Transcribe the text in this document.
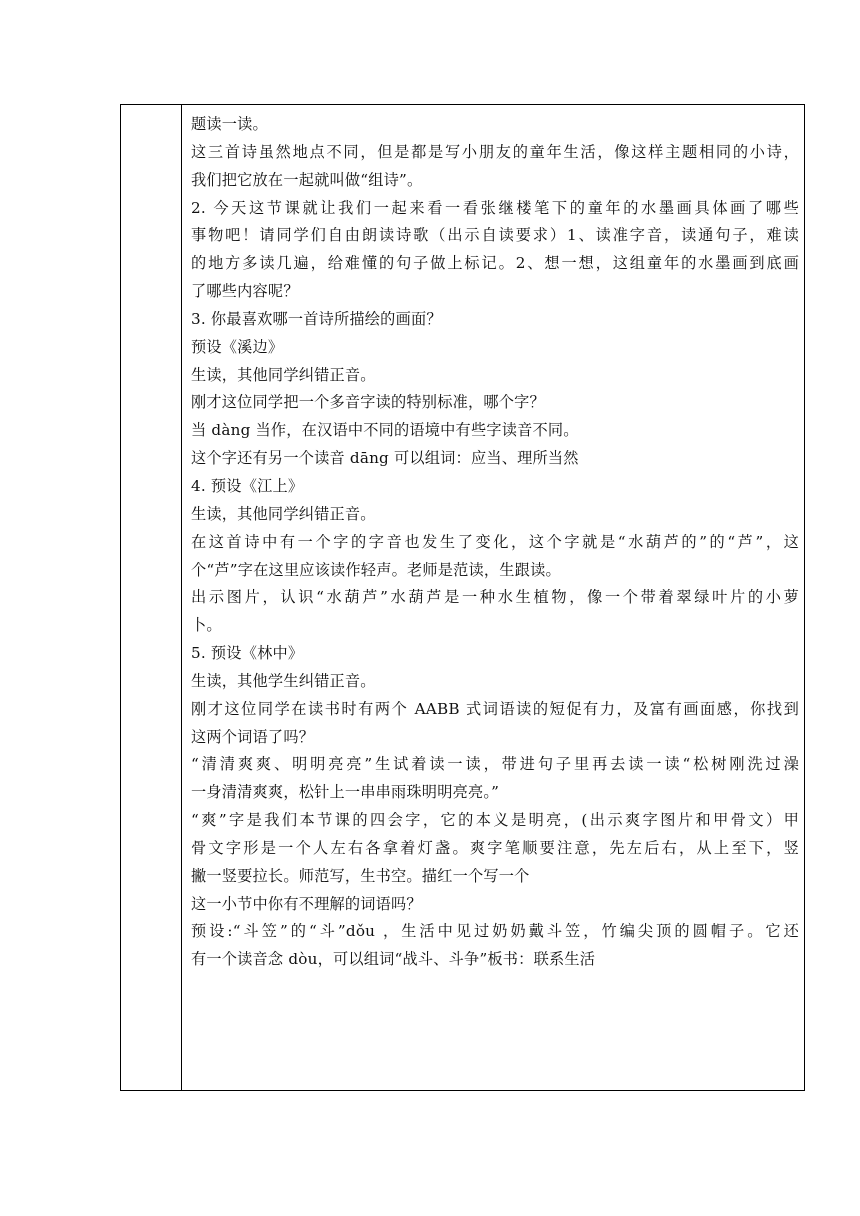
题读一读。
这三首诗虽然地点不同，但是都是写小朋友的童年生活，像这样主题相同的小诗，
我们把它放在一起就叫做“组诗”。
2. 今天这节课就让我们一起来看一看张继楼笔下的童年的水墨画具体画了哪些
事物吧！请同学们自由朗读诗歌（出示自读要求）1、读准字音，读通句子，难读
的地方多读几遍，给难懂的句子做上标记。2、想一想，这组童年的水墨画到底画
了哪些内容呢？
3. 你最喜欢哪一首诗所描绘的画面？
预设《溪边》
生读，其他同学纠错正音。
刚才这位同学把一个多音字读的特别标准，哪个字？
当 dàng 当作，在汉语中不同的语境中有些字读音不同。
这个字还有另一个读音 dāng 可以组词：应当、理所当然
4. 预设《江上》
生读，其他同学纠错正音。
在这首诗中有一个字的字音也发生了变化，这个字就是“水葫芦的”的“芦”，这
个“芦”字在这里应该读作轻声。老师是范读，生跟读。
出示图片，认识“水葫芦”水葫芦是一种水生植物，像一个带着翠绿叶片的小萝
卜。
5. 预设《林中》
生读，其他学生纠错正音。
刚才这位同学在读书时有两个 AABB 式词语读的短促有力，及富有画面感，你找到
这两个词语了吗？
“清清爽爽、明明亮亮”生试着读一读，带进句子里再去读一读“松树刚洗过澡
一身清清爽爽，松针上一串串雨珠明明亮亮。”
“爽”字是我们本节课的四会字，它的本义是明亮，(出示爽字图片和甲骨文）甲
骨文字形是一个人左右各拿着灯盏。爽字笔顺要注意，先左后右，从上至下，竖
撇一竖要拉长。师范写，生书空。描红一个写一个
这一小节中你有不理解的词语吗？
预设:“斗笠”的“斗”dǒu ，生活中见过奶奶戴斗笠，竹编尖顶的圆帽子。它还
有一个读音念 dòu，可以组词“战斗、斗争”板书：联系生活
